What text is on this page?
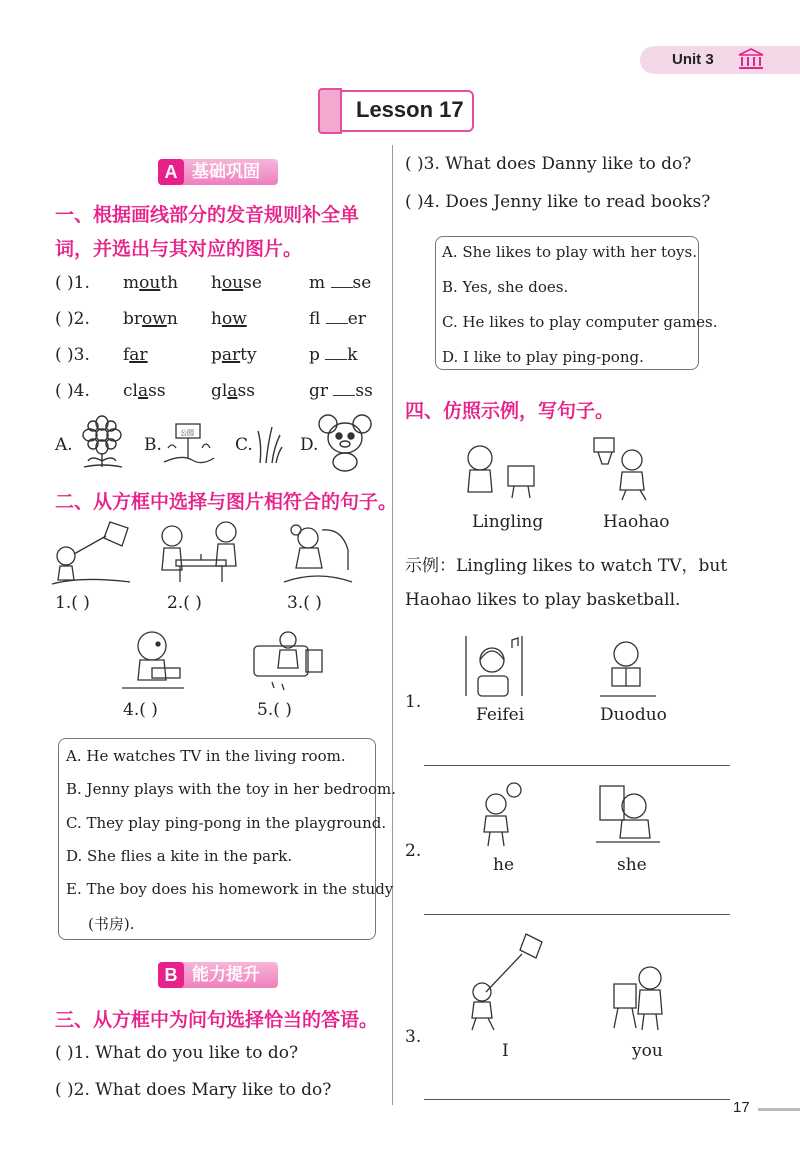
Unit 3
Lesson 17
A 基础巩固
一、根据画线部分的发音规则补全单
词，并选出与其对应的图片。
( )1. mouth house	m se
( )2. brown how	fl er
( )3. far	party	p k
( )4. class	glass	gr ss
A.	B.
公园
C.	D.
二、从方框中选择与图片相符合的句子。
1.( )	2.( )	3.( )
4.( )	5.( )
A. He watches TV in the living room.
B. Jenny plays with the toy in her bedroom.
C. They play ping-pong in the playground.
D. She flies a kite in the park.
E. The boy does his homework in the study
(书房).
B 能力提升
三、从方框中为问句选择恰当的答语。
( )1. What do you like to do?
( )2. What does Mary like to do?
( )3. What does Danny like to do?
( )4. Does Jenny like to read books?
A. She likes to play with her toys.
B. Yes, she does.
C. He likes to play computer games.
D. I like to play ping-pong.
四、仿照示例，写句子。
Lingling	Haohao
示例：Lingling likes to watch TV，but
Haohao likes to play basketball.
1.
Feifei	Duoduo
2.
he	she
3.
I	you
17
